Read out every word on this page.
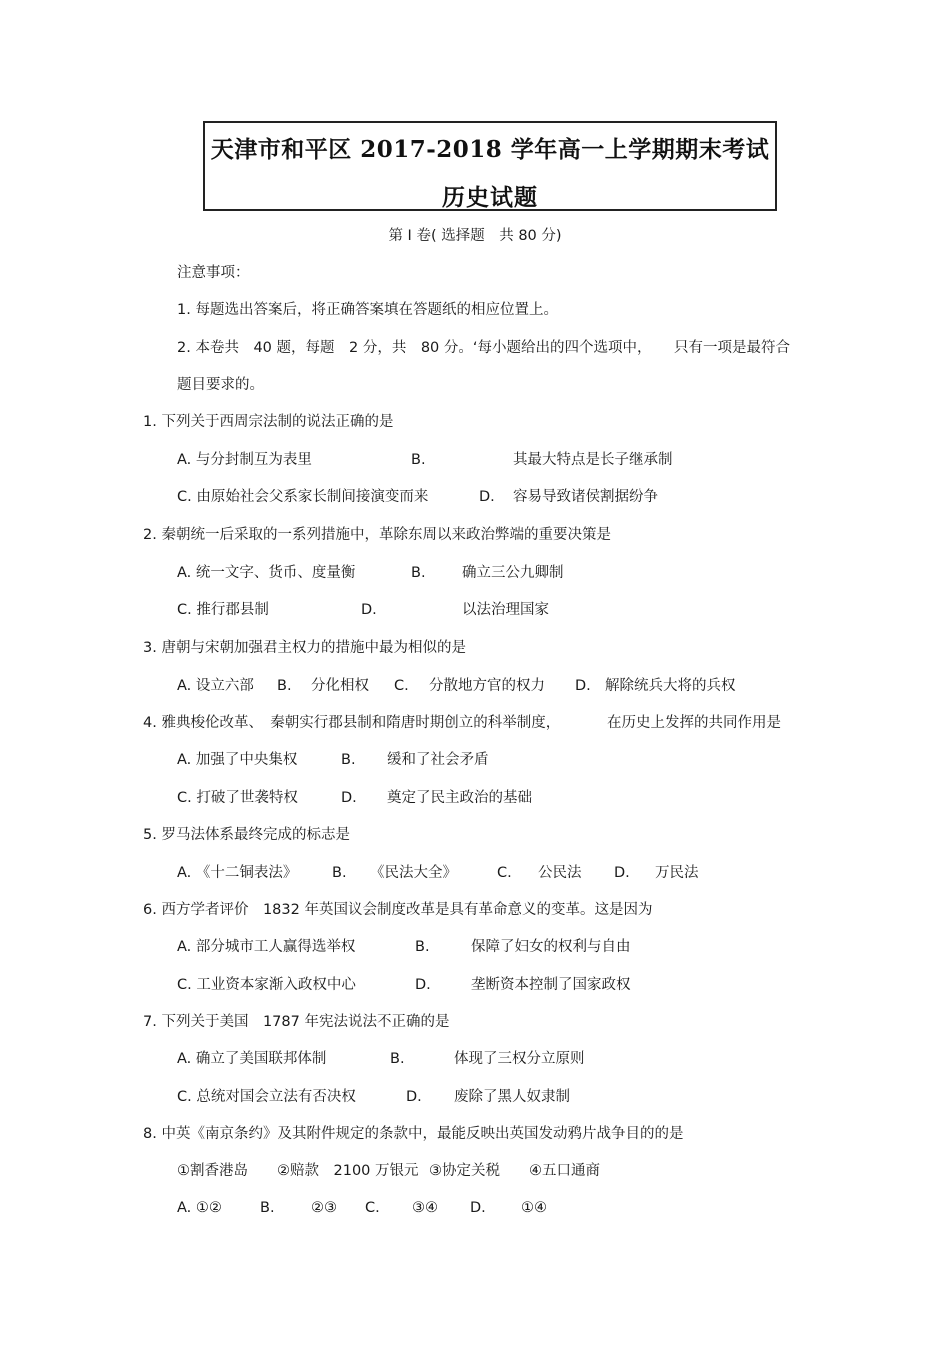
天津市和平区 2017-2018 学年高一上学期期末考试
历史试题
第 I 卷( 选择题　共 80 分)
注意事项：
1. 每题选出答案后，将正确答案填在答题纸的相应位置上。
2. 本卷共　40 题，每题　2 分，共　80 分。‘每小题给出的四个选项中， 只有一项是最符合
题目要求的。
1. 下列关于西周宗法制的说法正确的是
A. 与分封制互为表里	B.	其最大特点是长子继承制
C. 由原始社会父系家长制间接演变而来	D. 容易导致诸侯割据纷争
2. 秦朝统一后采取的一系列措施中，革除东周以来政治弊端的重要决策是
A. 统一文字、货币、度量衡	B.	确立三公九卿制
C. 推行郡县制	D.	以法治理国家
3. 唐朝与宋朝加强君主权力的措施中最为相似的是
A. 设立六部 B. 分化相权 C. 分散地方官的权力 D. 解除统兵大将的兵权
4. 雅典梭伦改革、　秦朝实行郡县制和隋唐时期创立的科举制度，	在历史上发挥的共同作用是
A. 加强了中央集权	B. 缓和了社会矛盾
C. 打破了世袭特权	D. 奠定了民主政治的基础
5. 罗马法体系最终完成的标志是
A. 《十二铜表法》 B. 《民法大全》	C. 公民法 D. 万民法
6. 西方学者评价　1832 年英国议会制度改革是具有革命意义的变革。这是因为
A. 部分城市工人赢得选举权	B.	保障了妇女的权利与自由
C. 工业资本家渐入政权中心	D.	垄断资本控制了国家政权
7. 下列关于美国　1787 年宪法说法不正确的是
A. 确立了美国联邦体制	B.	体现了三权分立原则
C. 总统对国会立法有否决权	D. 废除了黑人奴隶制
8. 中英《南京条约》及其附件规定的条款中，最能反映出英国发动鸦片战争目的的是
①割香港岛 ②赔款　2100 万银元 ③协定关税 ④五口通商
A. ①②	B.	②③ C. ③④ D. ①④
